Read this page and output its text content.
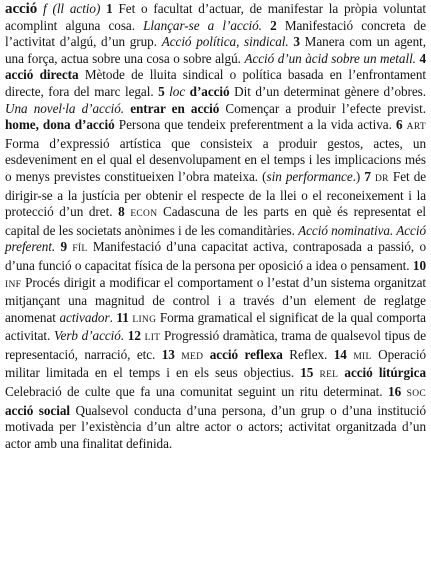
acció f (ll actio) 1 Fet o facultat d’actuar, de manifestar la pròpia voluntat acomplint alguna cosa. Llançar-se a l’acció. 2 Manifestació concreta de l’activitat d’algú, d’un grup. Acció política, sindical. 3 Manera com un agent, una força, actua sobre una cosa o sobre algú. Acció d’un àcid sobre un metall. 4 acció directa Mètode de lluita sindical o política basada en l’enfrontament directe, fora del marc legal. 5 loc d’acció Dit d’un determinat gènere d’obres. Una novel·la d’acció. entrar en acció Començar a produir l’efecte previst. home, dona d’acció Persona que tendeix preferentment a la vida activa. 6 ART Forma d’expressió artística que consisteix a produir gestos, actes, un esdeveniment en el qual el desenvolupament en el temps i les implicacions més o menys previstes constitueixen l’obra mateixa. (sin performance.) 7 DR Fet de dirigir-se a la justícia per obtenir el respecte de la llei o el reconeixement i la protecció d’un dret. 8 ECON Cadascuna de les parts en què és representat el capital de les societats anònimes i de les comanditàries. Acció nominativa. Acció preferent. 9 FÍL Manifestació d’una capacitat activa, contraposada a passió, o d’una funció o capacitat física de la persona per oposició a idea o pensament. 10 INF Procés dirigit a modificar el comportament o l’estat d’un sistema organitzat mitjançant una magnitud de control i a través d’un element de reglatge anomenat activador. 11 LING Forma gramatical el significat de la qual comporta activitat. Verb d’acció. 12 LIT Progressió dramàtica, trama de qualsevol tipus de representació, narració, etc. 13 MED acció reflexa Reflex. 14 MIL Operació militar limitada en el temps i en els seus objectius. 15 REL acció litúrgica Celebració de culte que fa una comunitat seguint un ritu determinat. 16 SOC acció social Qualsevol conducta d’una persona, d’un grup o d’una institució motivada per l’existència d’un altre actor o actors; activitat organitzada d’un actor amb una finalitat definida.
